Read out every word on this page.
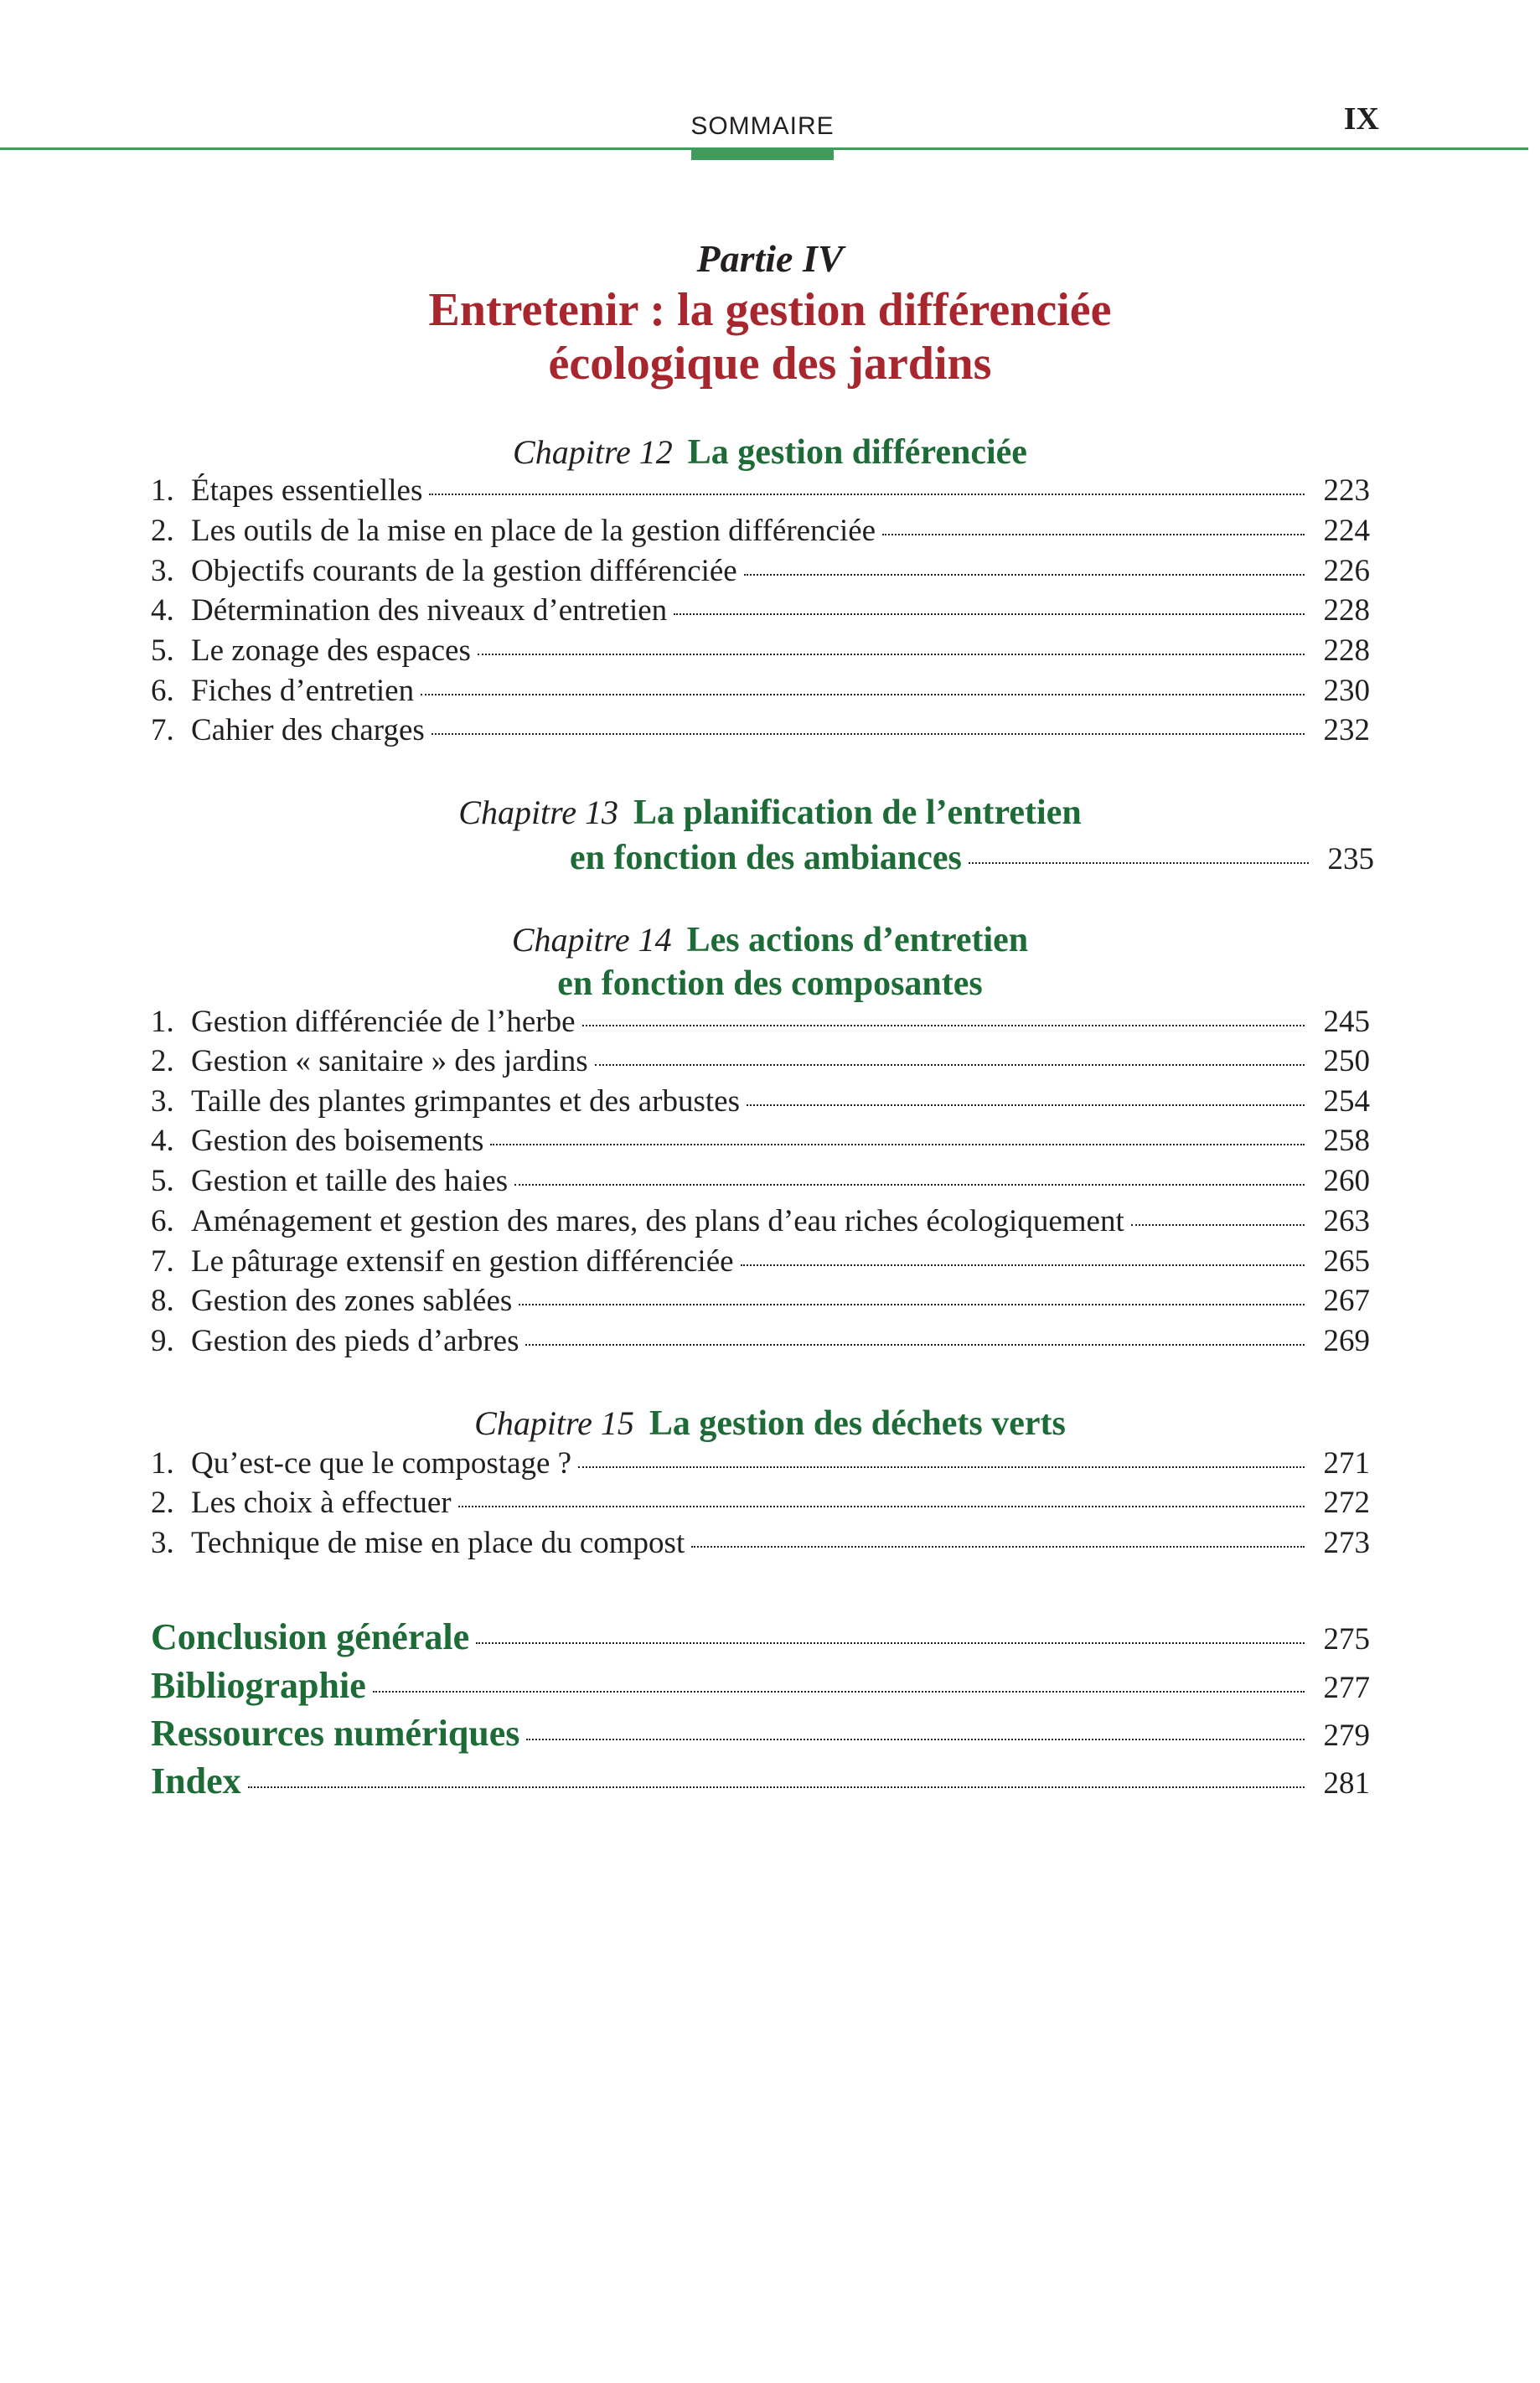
SOMMAIRE	IX
Partie IV
Entretenir : la gestion différenciée
écologique des jardins
Chapitre 12 La gestion différenciée
1. Étapes essentielles	223
2. Les outils de la mise en place de la gestion différenciée	224
3. Objectifs courants de la gestion différenciée	226
4. Détermination des niveaux d’entretien	228
5. Le zonage des espaces	228
6. Fiches d’entretien	230
7. Cahier des charges	232
Chapitre 13 La planification de l’entretien
en fonction des ambiances	235
Chapitre 14 Les actions d’entretien
en fonction des composantes
1. Gestion différenciée de l’herbe	245
2. Gestion « sanitaire » des jardins	250
3. Taille des plantes grimpantes et des arbustes	254
4. Gestion des boisements	258
5. Gestion et taille des haies	260
6. Aménagement et gestion des mares, des plans d’eau riches écologiquement	263
7. Le pâturage extensif en gestion différenciée	265
8. Gestion des zones sablées	267
9. Gestion des pieds d’arbres	269
Chapitre 15 La gestion des déchets verts
1. Qu’est-ce que le compostage ?	271
2. Les choix à effectuer	272
3. Technique de mise en place du compost	273
Conclusion générale	275
Bibliographie	277
Ressources numériques	279
Index	281
